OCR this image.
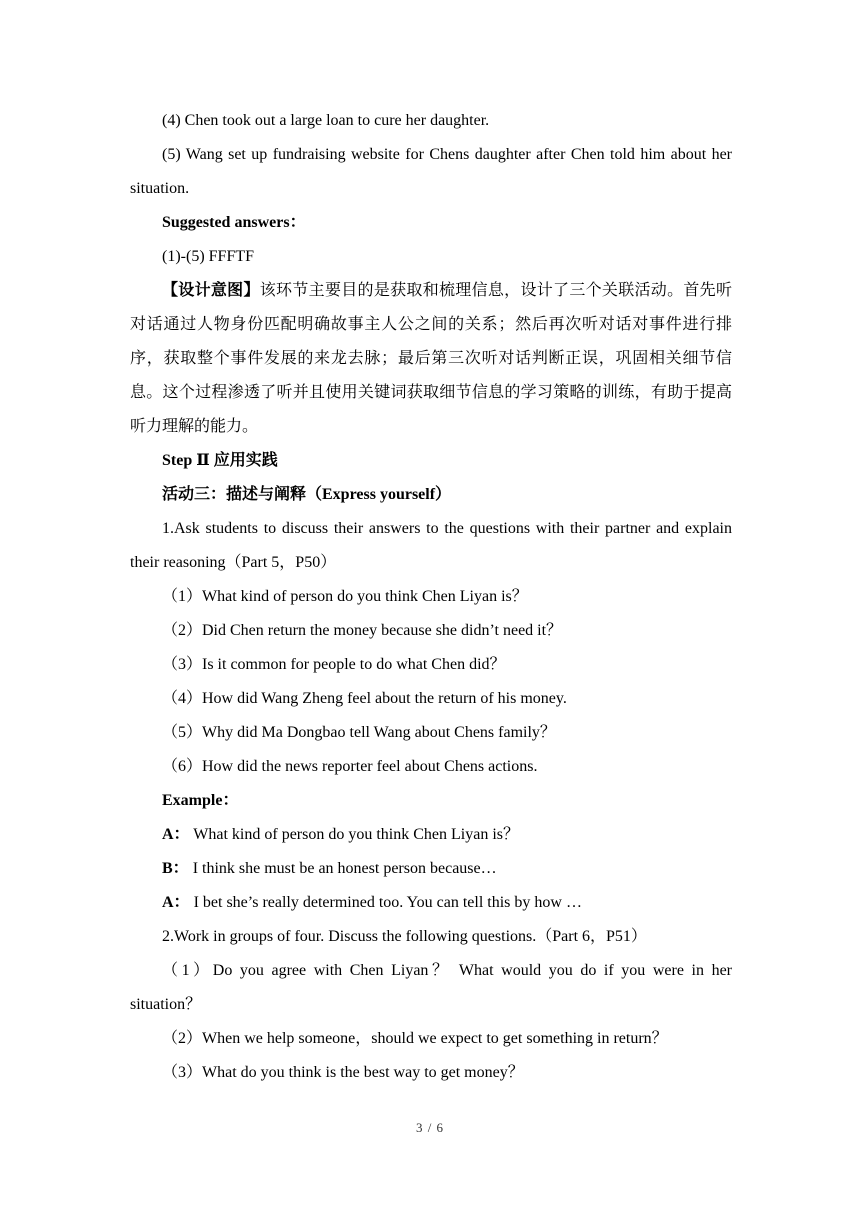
(4) Chen took out a large loan to cure her daughter.

(5) Wang set up fundraising website for Chens daughter after Chen told him about her situation.

Suggested answers：

(1)-(5) FFFTF

【设计意图】该环节主要目的是获取和梳理信息，设计了三个关联活动。首先听对话通过人物身份匹配明确故事主人公之间的关系；然后再次听对话对事件进行排序，获取整个事件发展的来龙去脉；最后第三次听对话判断正误，巩固相关细节信息。这个过程渗透了听并且使用关键词获取细节信息的学习策略的训练，有助于提高听力理解的能力。

Step Ⅱ 应用实践

活动三：描述与阐释（Express yourself）

1.Ask students to discuss their answers to the questions with their partner and explain their reasoning（Part 5，P50）

（1）What kind of person do you think Chen Liyan is？

（2）Did Chen return the money because she didn’t need it？

（3）Is it common for people to do what Chen did？

（4）How did Wang Zheng feel about the return of his money.

（5）Why did Ma Dongbao tell Wang about Chens family？

（6）How did the news reporter feel about Chens actions.

Example：

A： What kind of person do you think Chen Liyan is？

B： I think she must be an honest person because…

A： I bet she’s really determined too. You can tell this by how …

2.Work in groups of four. Discuss the following questions.（Part 6，P51）

（1）Do you agree with Chen Liyan？ What would you do if you were in her situation？

（2）When we help someone，should we expect to get something in return？

（3）What do you think is the best way to get money？

3 / 6
